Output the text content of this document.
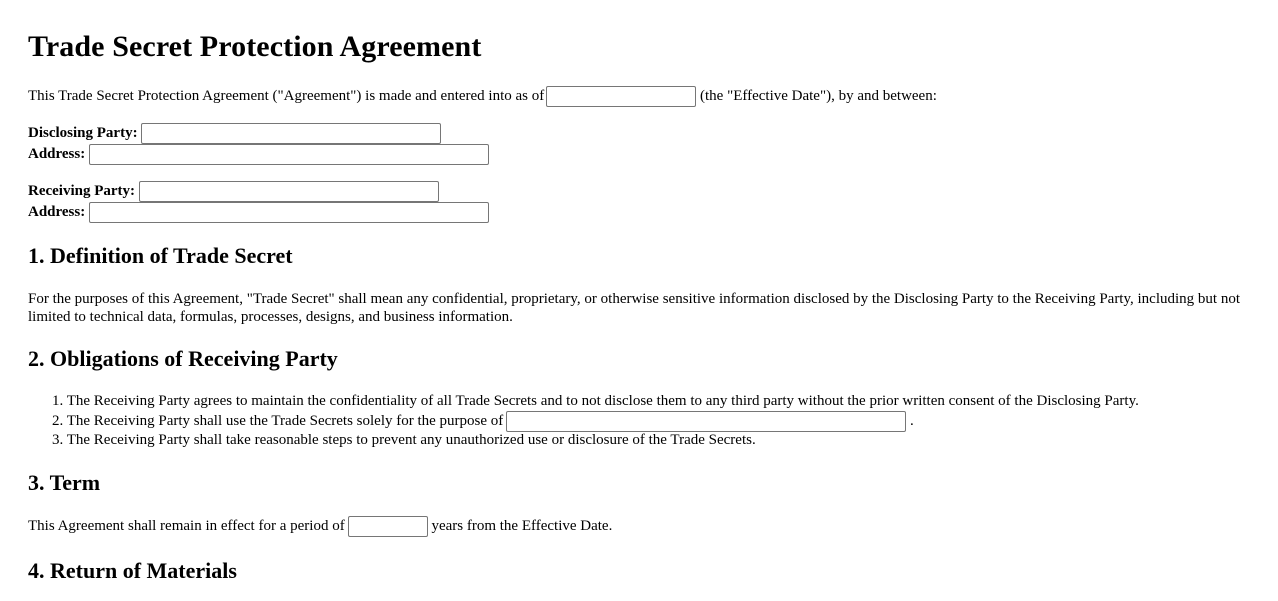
Trade Secret Protection Agreement
This Trade Secret Protection Agreement ("Agreement") is made and entered into as of	(the "Effective Date"), by and between:
Disclosing Party:
Address:
Receiving Party:
Address:
1. Definition of Trade Secret

For the purposes of this Agreement, "Trade Secret" shall mean any confidential, proprietary, or otherwise sensitive information disclosed by the Disclosing Party to the Receiving Party, including but not limited to technical data, formulas, processes, designs, and business information.

2. Obligations of Receiving Party
1. The Receiving Party agrees to maintain the confidentiality of all Trade Secrets and to not disclose them to any third party without the prior written consent of the Disclosing Party.
2. The Receiving Party shall use the Trade Secrets solely for the purpose of	.
3. The Receiving Party shall take reasonable steps to prevent any unauthorized use or disclosure of the Trade Secrets.
3. Term
This Agreement shall remain in effect for a period of	years from the Effective Date.
4. Return of Materials
